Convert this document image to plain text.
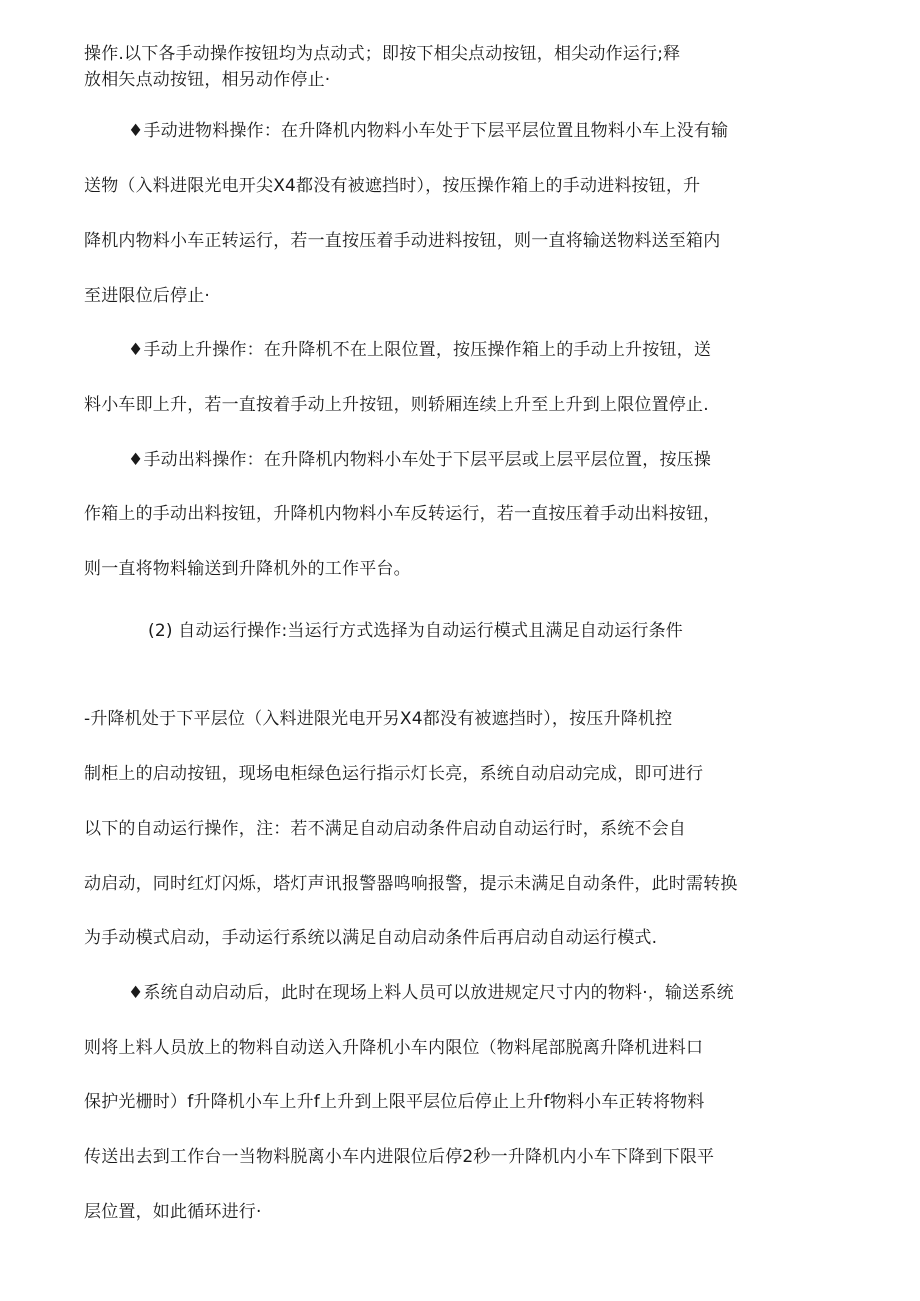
操作.以下各手动操作按钮均为点动式；即按下相尖点动按钮，相尖动作运行;释
放相矢点动按钮，相另动作停止·
♦手动进物料操作：在升降机内物料小车处于下层平层位置且物料小车上没有输
送物（入料进限光电开尖X4都没有被遮挡时），按压操作箱上的手动进料按钮，升
降机内物料小车正转运行，若一直按压着手动进料按钮，则一直将输送物料送至箱内
至进限位后停止·
♦手动上升操作：在升降机不在上限位置，按压操作箱上的手动上升按钮，送
料小车即上升，若一直按着手动上升按钮，则轿厢连续上升至上升到上限位置停止.
♦手动出料操作：在升降机内物料小车处于下层平层或上层平层位置，按压操
作箱上的手动出料按钮，升降机内物料小车反转运行，若一直按压着手动出料按钮，
则一直将物料输送到升降机外的工作平台。
(2) 自动运行操作:当运行方式选择为自动运行模式且满足自动运行条件
-升降机处于下平层位（入料进限光电开另X4都没有被遮挡时），按压升降机控
制柜上的启动按钮，现场电柜绿色运行指示灯长亮，系统自动启动完成，即可进行
以下的自动运行操作，注：若不满足自动启动条件启动自动运行时，系统不会自
动启动，同时红灯闪烁，塔灯声讯报警器鸣响报警，提示未满足自动条件，此时需转换
为手动模式启动，手动运行系统以满足自动启动条件后再启动自动运行模式.
♦系统自动启动后，此时在现场上料人员可以放进规定尺寸内的物料·，输送系统
则将上料人员放上的物料自动送入升降机小车内限位（物料尾部脱离升降机进料口
保护光栅时）f升降机小车上升f上升到上限平层位后停止上升f物料小车正转将物料
传送出去到工作台一当物料脱离小车内进限位后停2秒一升降机内小车下降到下限平
层位置，如此循环进行·
